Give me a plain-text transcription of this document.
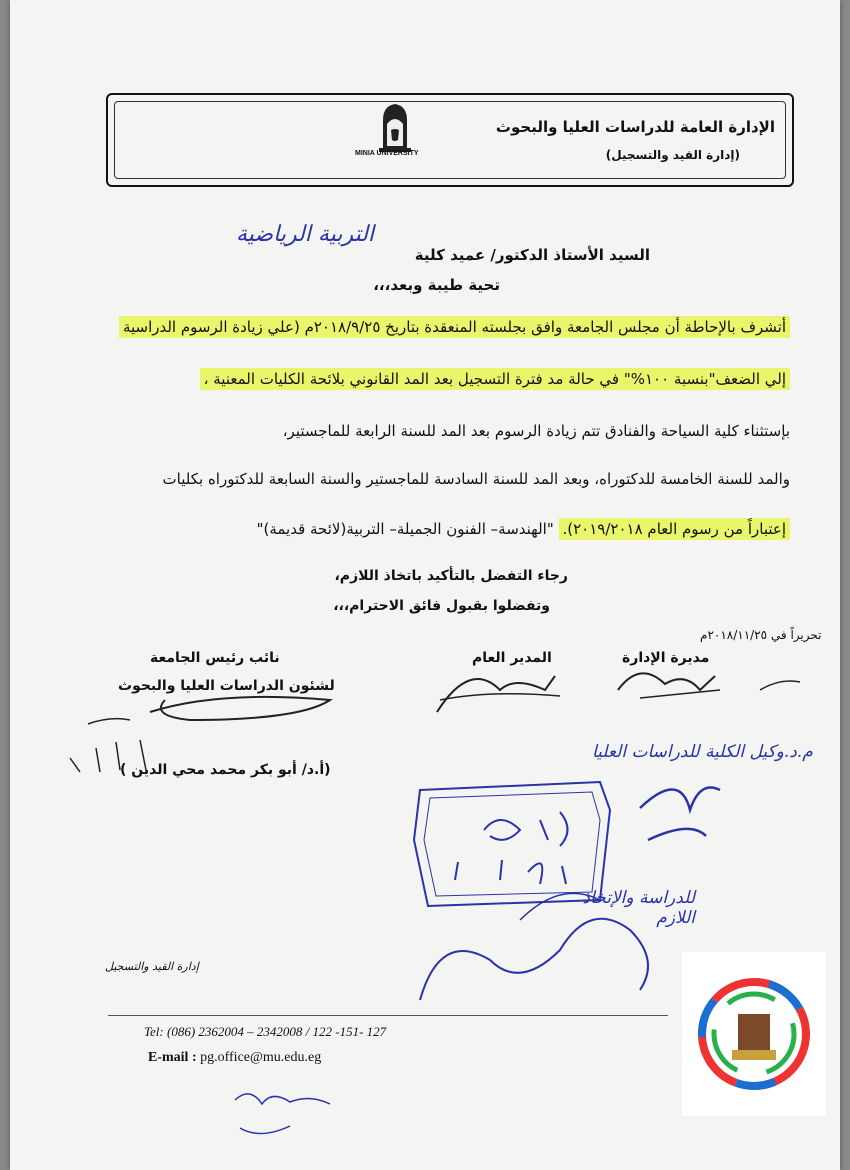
MINIA UNIVERSITY
الإدارة العامة للدراسات العليا والبحوث
(إدارة القيد والتسجيل)
التربية الرياضية
السيد الأستاذ الدكتور/ عميد كلية
تحية طيبة وبعد،،،
أتشرف بالإحاطة أن مجلس الجامعة وافق بجلسته المنعقدة بتاريخ ٢٠١٨/٩/٢٥م (علي زيادة الرسوم الدراسية
إلي الضعف"بنسبة ١٠٠%" في حالة مد فترة التسجيل بعد المد القانوني بلائحة الكليات المعنية ،
بإستثناء كلية السياحة والفنادق تتم زيادة الرسوم بعد المد للسنة الرابعة للماجستير،
والمد للسنة الخامسة للدكتوراه، وبعد المد للسنة السادسة للماجستير والسنة السابعة للدكتوراه بكليات
إعتباراً من رسوم العام ٢٠١٩/٢٠١٨). "الهندسة– الفنون الجميلة– التربية(لائحة قديمة)"
رجاء التفضل بالتأكيد باتخاذ اللازم،
وتفضلوا بقبول فائق الاحترام،،،
تحريراً في ٢٠١٨/١١/٢٥م
مديرة الإدارة
المدير العام
نائب رئيس الجامعة
لشئون الدراسات العليا والبحوث
(أ.د/ أبو بكر محمد محي الدين )
م.د.وكيل الكلية للدراسات العليا
للدراسة والإتخاذ اللازم
إدارة القيد والتسجيل
Tel: (086) 2362004 – 2342008 / 122 -151- 127
E-mail : pg.office@mu.edu.eg
